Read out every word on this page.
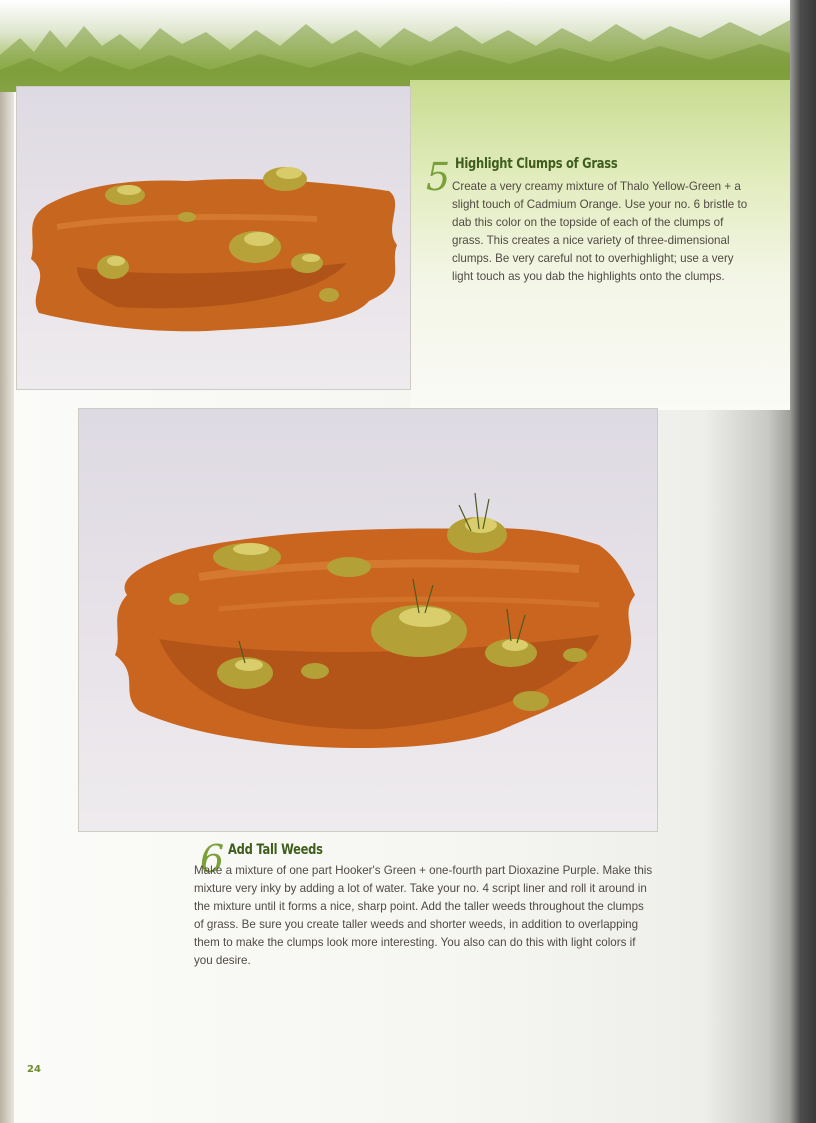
5 Highlight Clumps of Grass

Create a very creamy mixture of Thalo Yellow-Green + a slight touch of Cadmium Orange. Use your no. 6 bristle to dab this color on the topside of each of the clumps of grass. This creates a nice variety of three-dimensional clumps. Be very careful not to overhighlight; use a very light touch as you dab the highlights onto the clumps.

6 Add Tall Weeds

Make a mixture of one part Hooker's Green + one-fourth part Dioxazine Purple. Make this mixture very inky by adding a lot of water. Take your no. 4 script liner and roll it around in the mixture until it forms a nice, sharp point. Add the taller weeds throughout the clumps of grass. Be sure you create taller weeds and shorter weeds, in addition to overlapping them to make the clumps look more interesting. You also can do this with light colors if you desire.

24
